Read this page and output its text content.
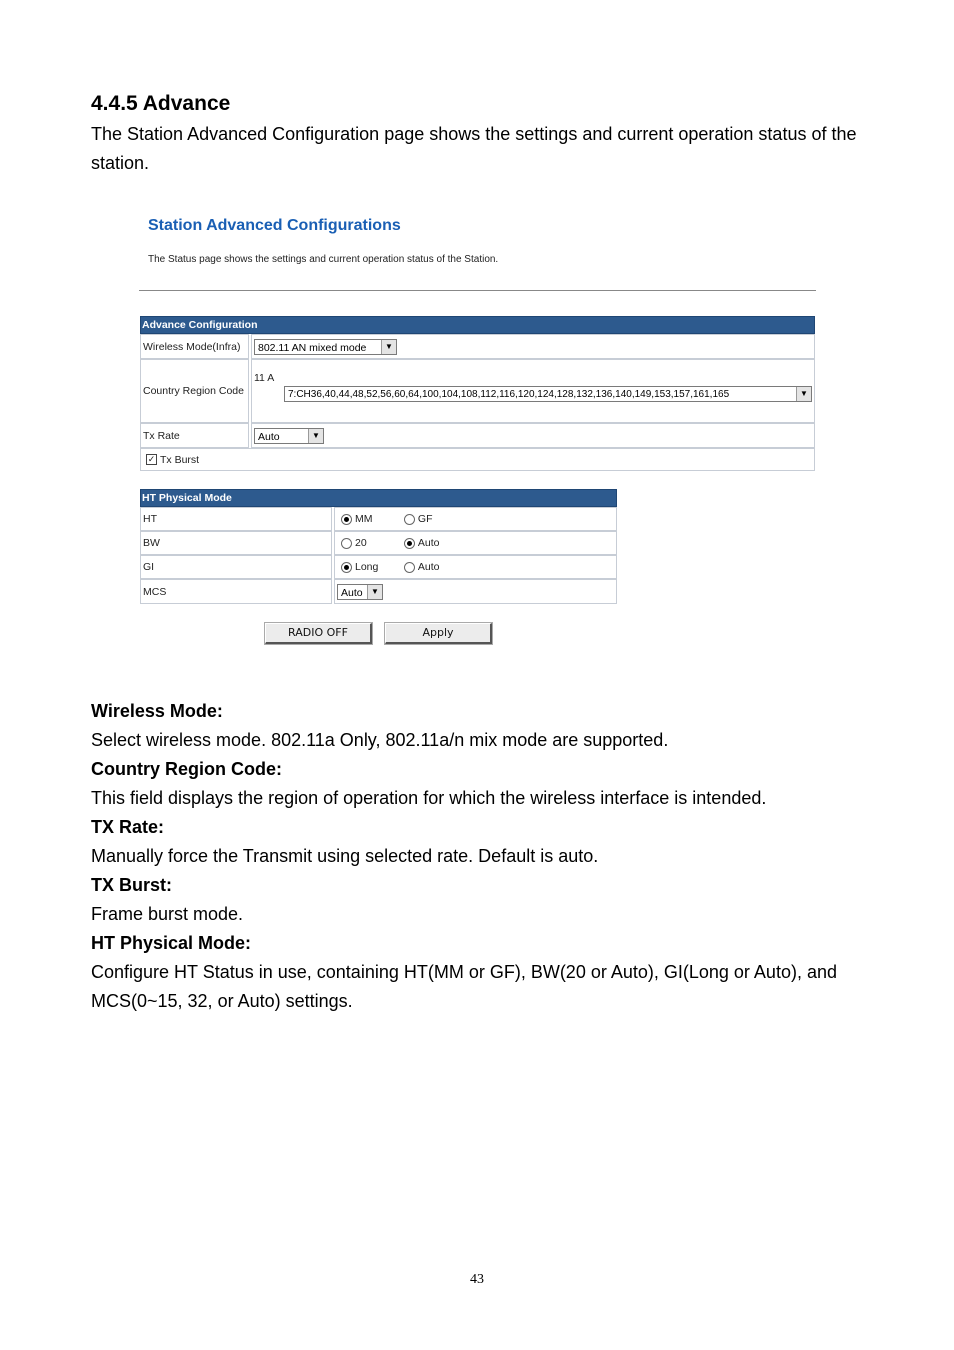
4.4.5 Advance

The Station Advanced Configuration page shows the settings and current operation status of the station.

Station Advanced Configurations
The Status page shows the settings and current operation status of the Station.
Advance Configuration	
Wireless Mode(Infra)	802.11 AN mixed mode ▼

Country Region Code	11 A
7:CH36,40,44,48,52,56,60,64,100,104,108,112,116,120,124,128,132,136,140,149,153,157,161,165 ▼

Tx Rate	Auto ▼

✓ Tx Burst	
HT Physical Mode	
HT	MM GF
BW	20 Auto
GI	Long Auto
MCS	Auto ▼
RADIO OFF	Apply
Wireless Mode:
Select wireless mode. 802.11a Only, 802.11a/n mix mode are supported.
Country Region Code:
This field displays the region of operation for which the wireless interface is intended.
TX Rate:
Manually force the Transmit using selected rate. Default is auto.
TX Burst:
Frame burst mode.
HT Physical Mode:
Configure HT Status in use, containing HT(MM or GF), BW(20 or Auto), GI(Long or Auto), and MCS(0~15, 32, or Auto) settings.
43
